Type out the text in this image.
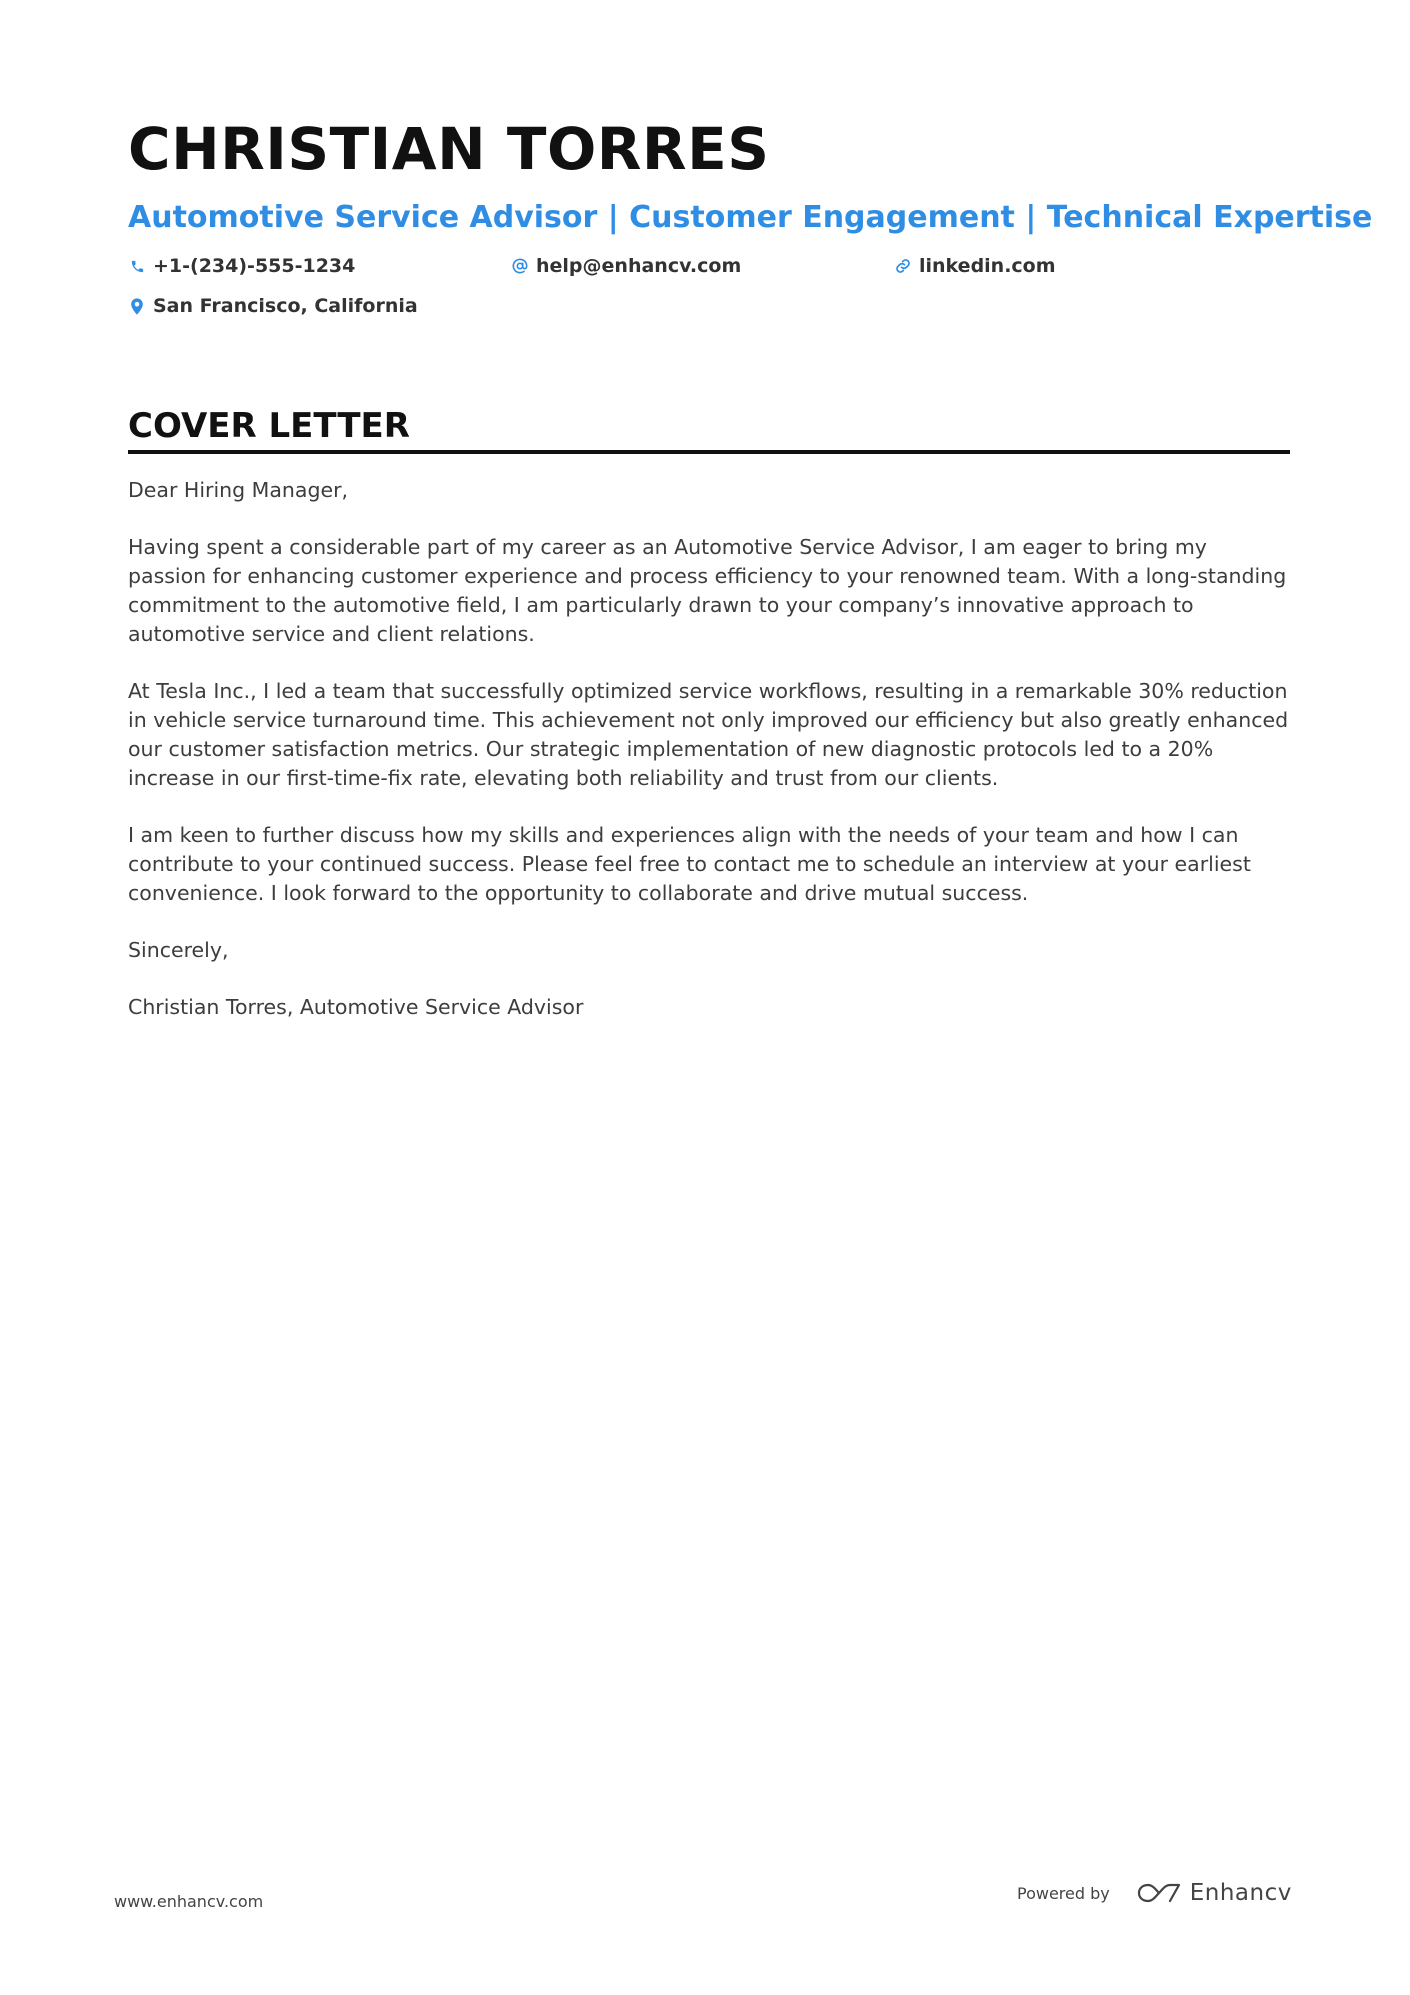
CHRISTIAN TORRES
Automotive Service Advisor | Customer Engagement | Technical Expertise
+1-(234)-555-1234	help@enhancv.com	linkedin.com
San Francisco, California
COVER LETTER

Dear Hiring Manager,

Having spent a considerable part of my career as an Automotive Service Advisor, I am eager to bring my passion for enhancing customer experience and process efficiency to your renowned team. With a long-standing commitment to the automotive field, I am particularly drawn to your company’s innovative approach to automotive service and client relations.

At Tesla Inc., I led a team that successfully optimized service workflows, resulting in a remarkable 30% reduction in vehicle service turnaround time. This achievement not only improved our efficiency but also greatly enhanced our customer satisfaction metrics. Our strategic implementation of new diagnostic protocols led to a 20% increase in our first-time-fix rate, elevating both reliability and trust from our clients.

I am keen to further discuss how my skills and experiences align with the needs of your team and how I can contribute to your continued success. Please feel free to contact me to schedule an interview at your earliest convenience. I look forward to the opportunity to collaborate and drive mutual success.

Sincerely,

Christian Torres, Automotive Service Advisor

www.enhancv.com	Powered by	Enhancv
